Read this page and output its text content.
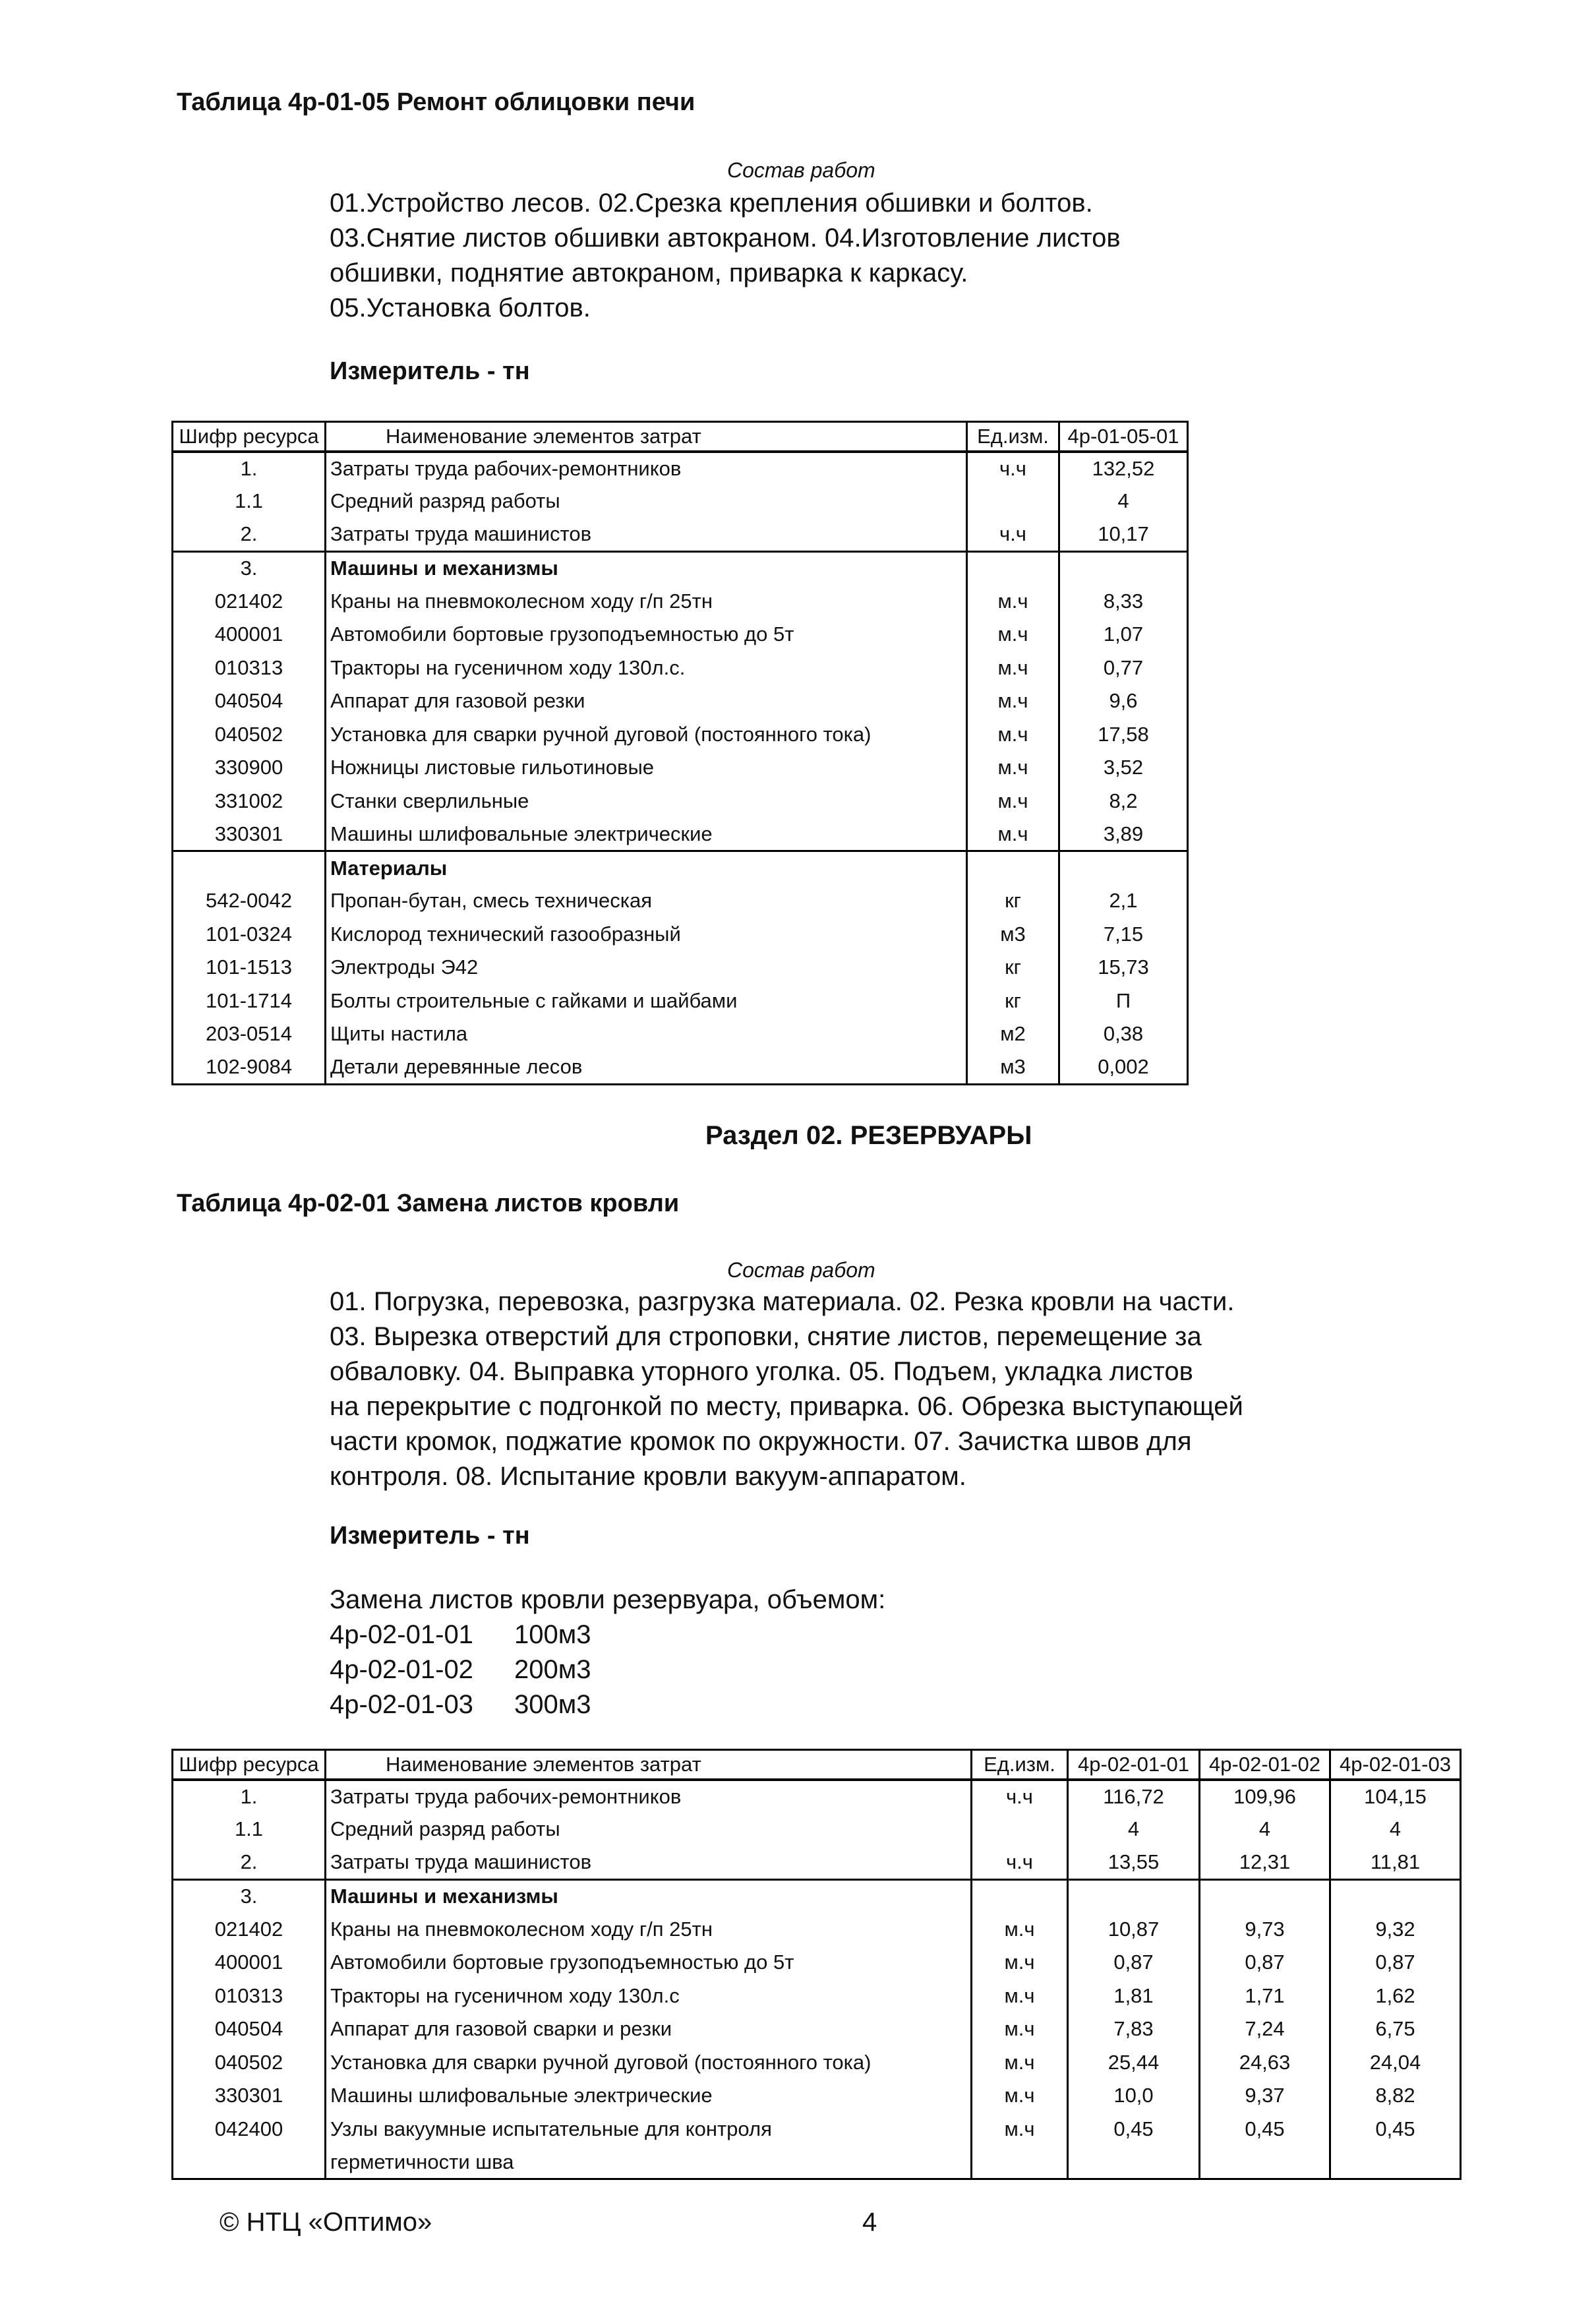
Таблица 4р-01-05 Ремонт облицовки печи
Состав работ
01.Устройство лесов. 02.Срезка крепления обшивки и болтов.
03.Снятие листов обшивки автокраном. 04.Изготовление листов
обшивки, поднятие автокраном, приварка к каркасу.
05.Установка болтов.
Измеритель - тн
Шифр ресурса	Наименование элементов затрат	Ед.изм.	4р-01-05-01
1.	Затраты труда рабочих-ремонтников	ч.ч	132,52
1.1	Средний разряд работы		4
2.	Затраты труда машинистов	ч.ч	10,17
3.	Машины и механизмы		
021402	Краны на пневмоколесном ходу г/п 25тн	м.ч	8,33
400001	Автомобили бортовые грузоподъемностью до 5т	м.ч	1,07
010313	Тракторы на гусеничном ходу 130л.с.	м.ч	0,77
040504	Аппарат для газовой резки	м.ч	9,6
040502	Установка для сварки ручной дуговой (постоянного тока)	м.ч	17,58
330900	Ножницы листовые гильотиновые	м.ч	3,52
331002	Станки сверлильные	м.ч	8,2
330301	Машины шлифовальные электрические	м.ч	3,89
	Материалы		
542-0042	Пропан-бутан, смесь техническая	кг	2,1
101-0324	Кислород технический газообразный	м3	7,15
101-1513	Электроды Э42	кг	15,73
101-1714	Болты строительные с гайками и шайбами	кг	П
203-0514	Щиты настила	м2	0,38
102-9084	Детали деревянные лесов	м3	0,002
Раздел 02. РЕЗЕРВУАРЫ
Таблица 4р-02-01 Замена листов кровли
Состав работ
01. Погрузка, перевозка, разгрузка материала. 02. Резка кровли на части.
03. Вырезка отверстий для строповки, снятие листов, перемещение за
обваловку. 04. Выправка уторного уголка. 05. Подъем, укладка листов
на перекрытие с подгонкой по месту, приварка. 06. Обрезка выступающей
части кромок, поджатие кромок по окружности. 07. Зачистка швов для
контроля. 08. Испытание кровли вакуум-аппаратом.
Измеритель - тн
Замена листов кровли резервуара, объемом:
4р-02-01-01 100м3
4р-02-01-02 200м3
4р-02-01-03 300м3
Шифр ресурса	Наименование элементов затрат	Ед.изм.	4р-02-01-01	4р-02-01-02	4р-02-01-03
1.	Затраты труда рабочих-ремонтников	ч.ч	116,72	109,96	104,15
1.1	Средний разряд работы		4	4	4
2.	Затраты труда машинистов	ч.ч	13,55	12,31	11,81
3.	Машины и механизмы				
021402	Краны на пневмоколесном ходу г/п 25тн	м.ч	10,87	9,73	9,32
400001	Автомобили бортовые грузоподъемностью до 5т	м.ч	0,87	0,87	0,87
010313	Тракторы на гусеничном ходу 130л.с	м.ч	1,81	1,71	1,62
040504	Аппарат для газовой сварки и резки	м.ч	7,83	7,24	6,75
040502	Установка для сварки ручной дуговой (постоянного тока)	м.ч	25,44	24,63	24,04
330301	Машины шлифовальные электрические	м.ч	10,0	9,37	8,82
042400	Узлы вакуумные испытательные для контроля	м.ч	0,45	0,45	0,45
	герметичности шва				
© НТЦ «Оптимо»	4
